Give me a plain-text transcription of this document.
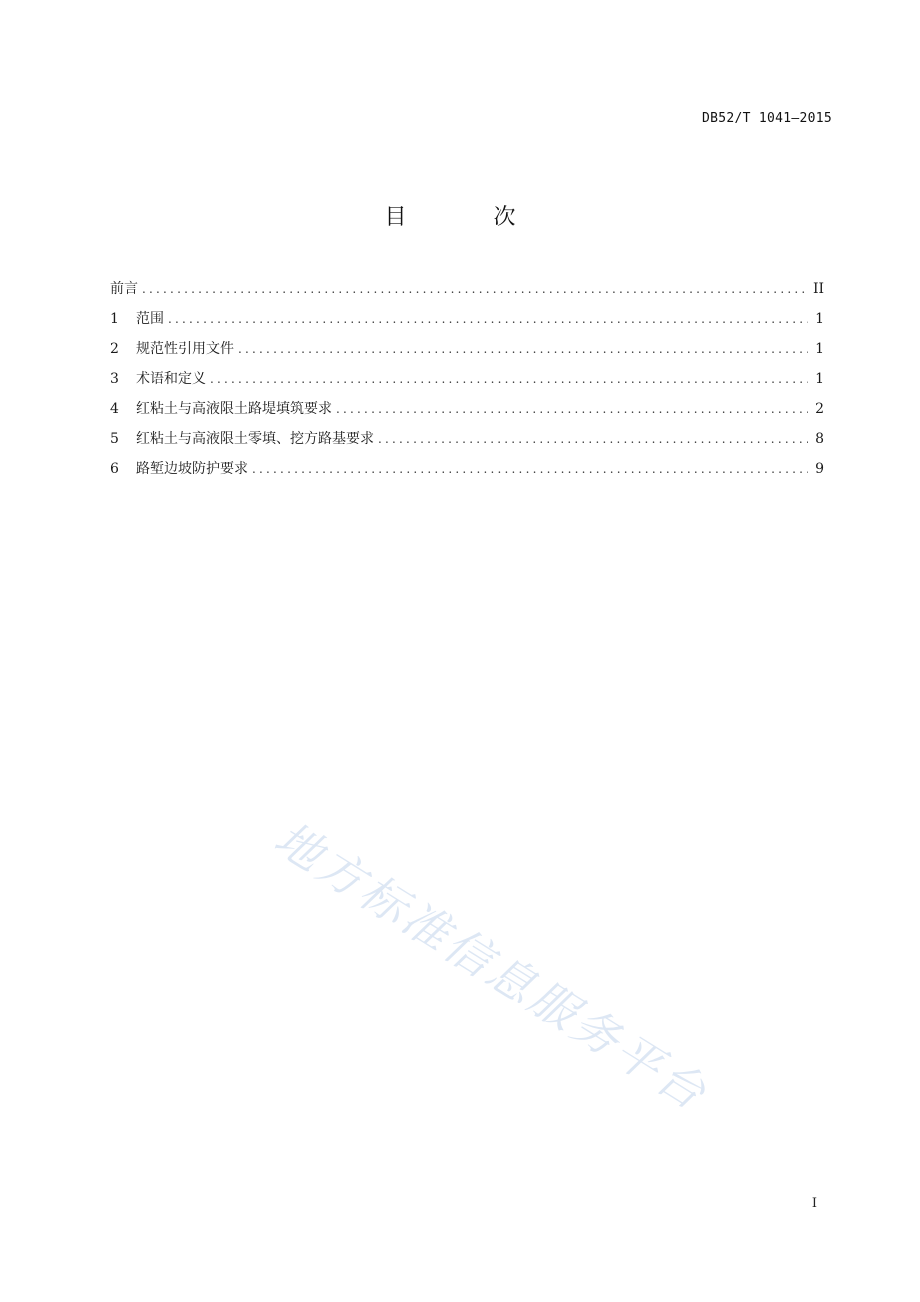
DB52/T 1041—2015
目 次
前言 .....	II
1	范围 .....	1
2	规范性引用文件 .....	1
3	术语和定义 .....	1
4	红粘土与高液限土路堤填筑要求 .....	2
5	红粘土与高液限土零填、挖方路基要求 .....	8
6	路堑边坡防护要求 .....	9
地方标准信息服务平台
I
